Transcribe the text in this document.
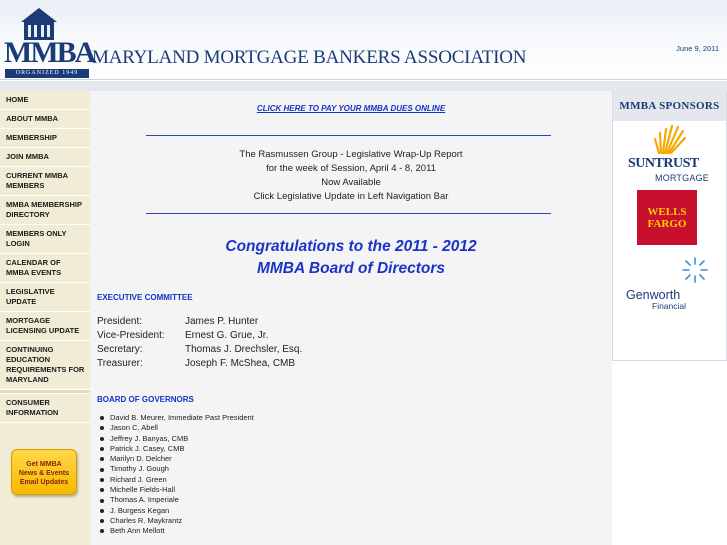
MMBA
ORGANIZED 1949
MARYLAND MORTGAGE BANKERS ASSOCIATION	June 9, 2011
HOME
ABOUT MMBA
MEMBERSHIP
JOIN MMBA
CURRENT MMBA MEMBERS
MMBA MEMBERSHIP DIRECTORY
MEMBERS ONLY LOGIN
CALENDAR OF MMBA EVENTS
LEGISLATIVE UPDATE
MORTGAGE LICENSING UPDATE
CONTINUING EDUCATION REQUIREMENTS FOR MARYLAND
CONSUMER INFORMATION
Get MMBA
News & Events
Email Updates
CLICK HERE TO PAY YOUR MMBA DUES ONLINE
The Rasmussen Group - Legislative Wrap-Up Report
for the week of Session, April 4 - 8, 2011
Now Available
Click Legislative Update in Left Navigation Bar
Congratulations to the 2011 - 2012
MMBA Board of Directors
EXECUTIVE COMMITTEE
President:	James P. Hunter
Vice-President:	Ernest G. Grue, Jr.
Secretary:	Thomas J. Drechsler, Esq.
Treasurer:	Joseph F. McShea, CMB
BOARD OF GOVERNORS
David B. Meurer, Immediate Past President
Jason C. Abell
Jeffrey J. Banyas, CMB
Patrick J. Casey, CMB
Marilyn D. Delcher
Timothy J. Gough
Richard J. Green
Michelle Fields-Hall
Thomas A. Imperiale
J. Burgess Kegan
Charles R. Maykrantz
Beth Ann Mellott
MMBA SPONSORS
SUNTRUST
MORTGAGE
WELLS
FARGO
Genworth
Financial
